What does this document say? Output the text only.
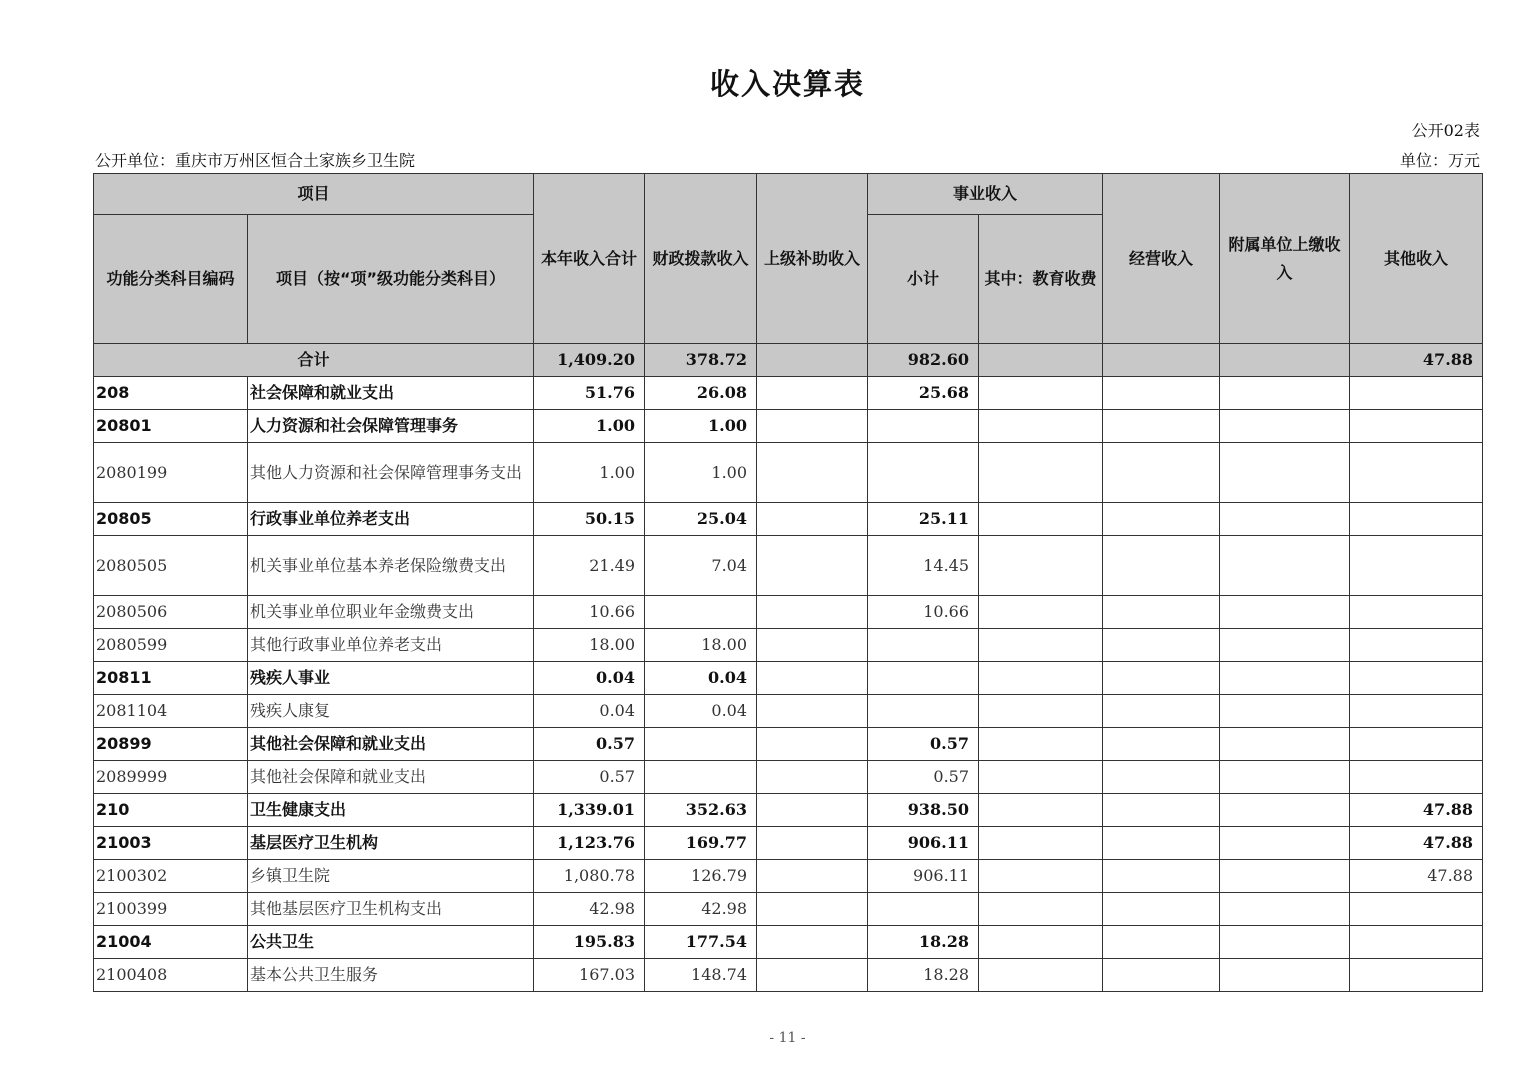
收入决算表
公开02表
公开单位：重庆市万州区恒合土家族乡卫生院	单位：万元
项目		本年收入合计	财政拨款收入	上级补助收入	事业收入		经营收入	附属单位上缴收入	其他收入
功能分类科目编码	项目（按“项”级功能分类科目）				小计	其中：教育收费			
合计		1,409.20	378.72		982.60				47.88
208	社会保障和就业支出	51.76	26.08		25.68				
20801	人力资源和社会保障管理事务	1.00	1.00						
2080199	其他人力资源和社会保障管理事务支出	1.00	1.00						
20805	行政事业单位养老支出	50.15	25.04		25.11				
2080505	机关事业单位基本养老保险缴费支出	21.49	7.04		14.45				
2080506	机关事业单位职业年金缴费支出	10.66			10.66				
2080599	其他行政事业单位养老支出	18.00	18.00						
20811	残疾人事业	0.04	0.04						
2081104	残疾人康复	0.04	0.04						
20899	其他社会保障和就业支出	0.57			0.57				
2089999	其他社会保障和就业支出	0.57			0.57				
210	卫生健康支出	1,339.01	352.63		938.50				47.88
21003	基层医疗卫生机构	1,123.76	169.77		906.11				47.88
2100302	乡镇卫生院	1,080.78	126.79		906.11				47.88
2100399	其他基层医疗卫生机构支出	42.98	42.98						
21004	公共卫生	195.83	177.54		18.28				
2100408	基本公共卫生服务	167.03	148.74		18.28				
- 11 -
